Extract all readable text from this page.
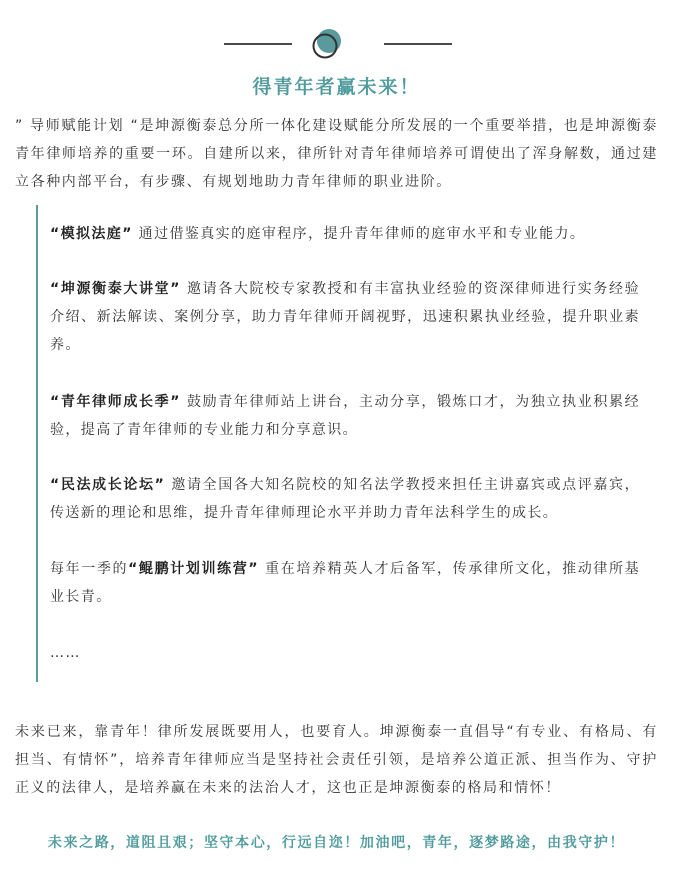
得青年者赢未来！

” 导师赋能计划 “是坤源衡泰总分所一体化建设赋能分所发展的一个重要举措，也是坤源衡泰青年律师培养的重要一环。自建所以来，律所针对青年律师培养可谓使出了浑身解数，通过建立各种内部平台，有步骤、有规划地助力青年律师的职业进阶。

“模拟法庭” 通过借鉴真实的庭审程序，提升青年律师的庭审水平和专业能力。

“坤源衡泰大讲堂” 邀请各大院校专家教授和有丰富执业经验的资深律师进行实务经验介绍、新法解读、案例分享，助力青年律师开阔视野，迅速积累执业经验，提升职业素养。

“青年律师成长季” 鼓励青年律师站上讲台，主动分享，锻炼口才，为独立执业积累经验，提高了青年律师的专业能力和分享意识。

“民法成长论坛” 邀请全国各大知名院校的知名法学教授来担任主讲嘉宾或点评嘉宾，传送新的理论和思维，提升青年律师理论水平并助力青年法科学生的成长。

每年一季的“鲲鹏计划训练营” 重在培养精英人才后备军，传承律所文化，推动律所基业长青。

……

未来已来，靠青年！律所发展既要用人，也要育人。坤源衡泰一直倡导“有专业、有格局、有担当、有情怀”，培养青年律师应当是坚持社会责任引领，是培养公道正派、担当作为、守护正义的法律人，是培养赢在未来的法治人才，这也正是坤源衡泰的格局和情怀！

未来之路，道阻且艰；坚守本心，行远自迩！加油吧，青年，逐梦路途，由我守护！
